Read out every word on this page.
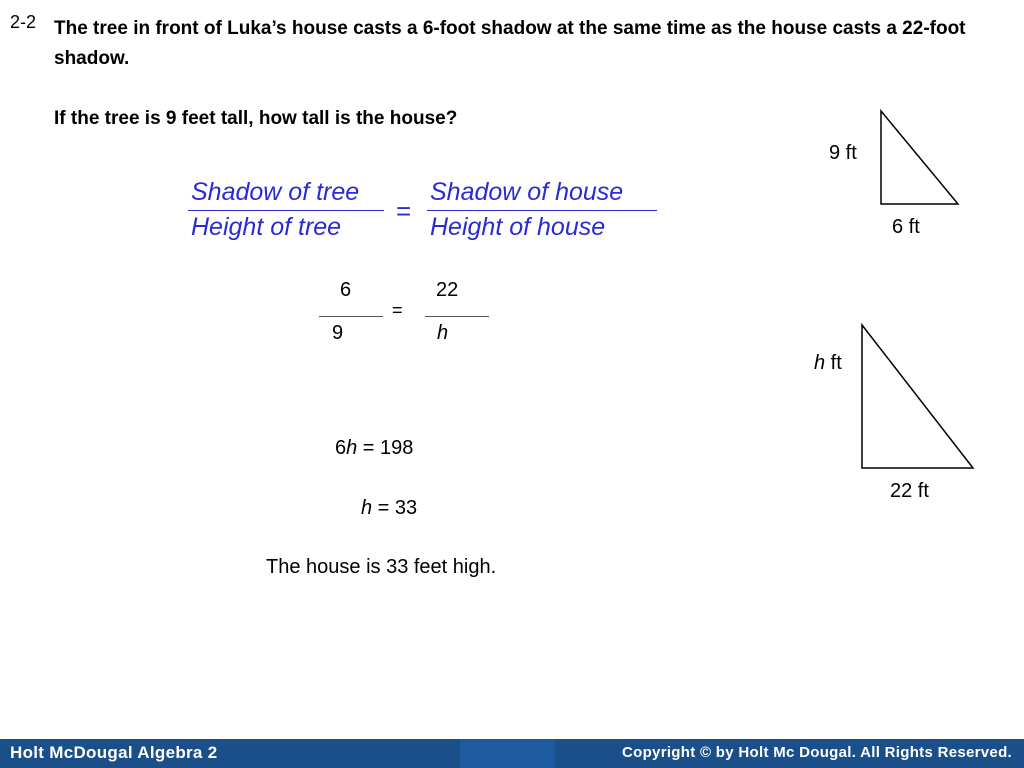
2-2 The tree in front of Luka’s house casts a 6-foot shadow at the same time as the house casts a 22-foot shadow.

If the tree is 9 feet tall, how tall is the house?

Shadow of tree
Height of tree
=
Shadow of house
Height of house
6
9
=
22
h
6h = 198
h = 33
The house is 33 feet high.
9 ft
6 ft
h ft
22 ft
Holt McDougal Algebra 2	Copyright © by Holt Mc Dougal. All Rights Reserved.
